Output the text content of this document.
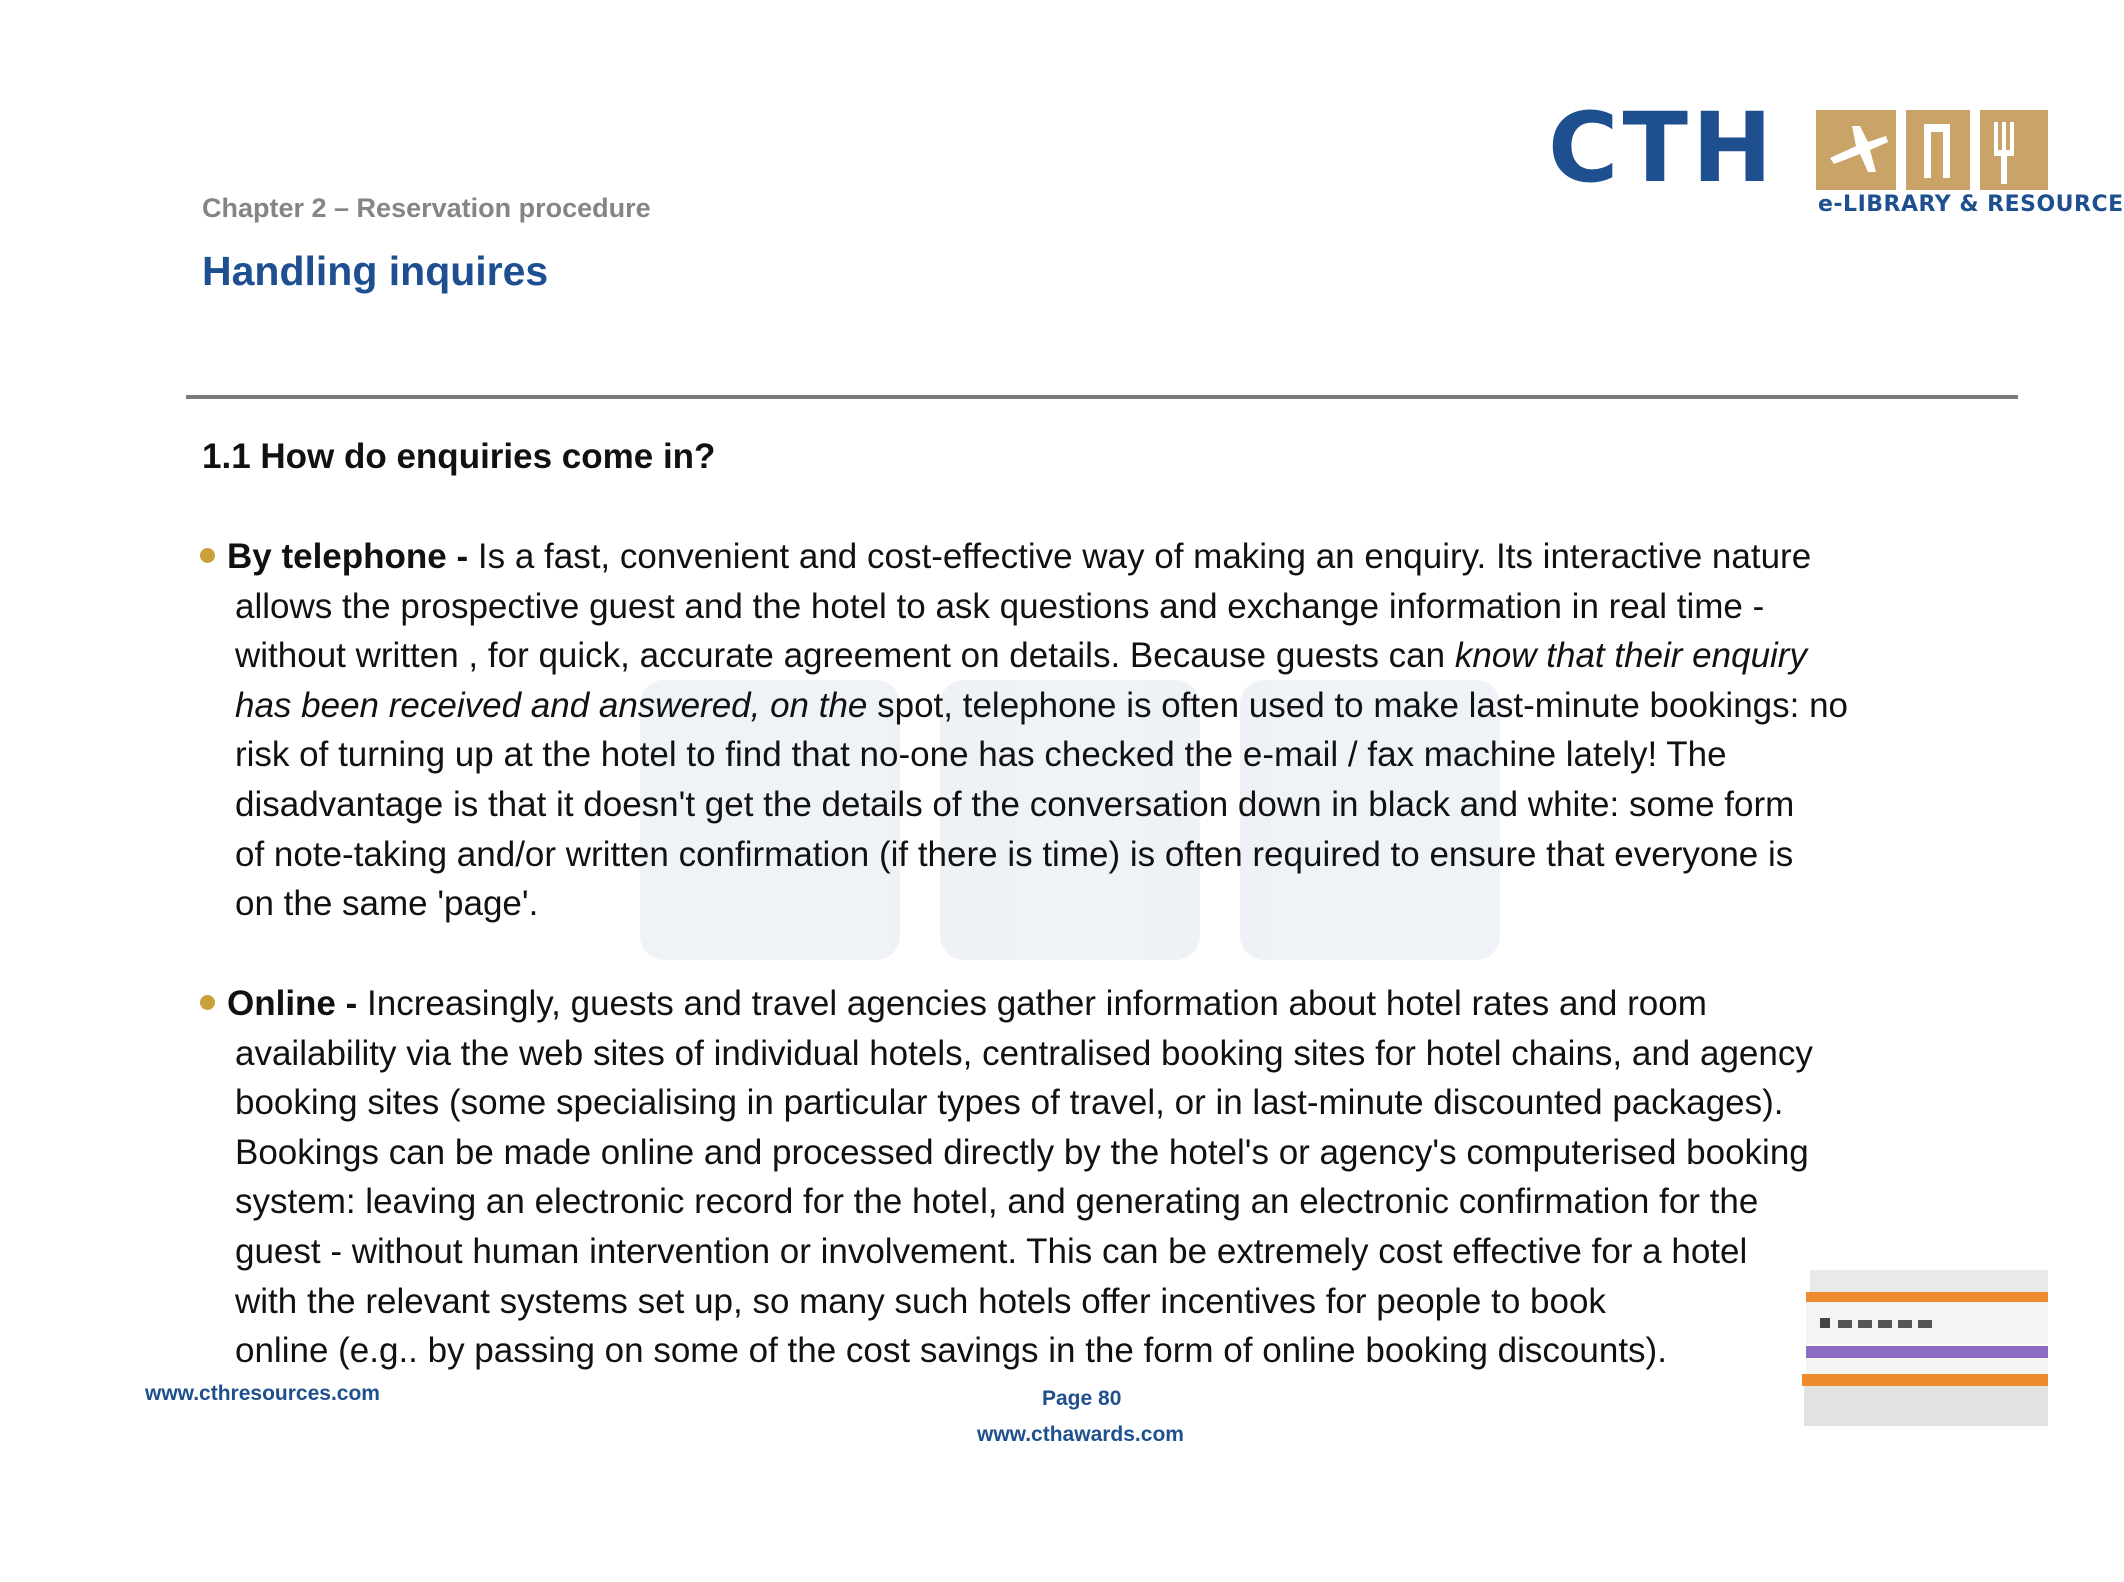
CTH
e-LIBRARY & RESOURCE
Chapter 2 – Reservation procedure
Handling inquires
1.1 How do enquiries come in?
By telephone - Is a fast, convenient and cost-effective way of making an enquiry. Its interactive nature
allows the prospective guest and the hotel to ask questions and exchange information in real time -
without written , for quick, accurate agreement on details. Because guests can know that their enquiry
has been received and answered, on the spot, telephone is often used to make last-minute bookings: no
risk of turning up at the hotel to find that no-one has checked the e-mail / fax machine lately! The
disadvantage is that it doesn't get the details of the conversation down in black and white: some form
of note-taking and/or written confirmation (if there is time) is often required to ensure that everyone is
on the same 'page'.
Online - Increasingly, guests and travel agencies gather information about hotel rates and room
availability via the web sites of individual hotels, centralised booking sites for hotel chains, and agency
booking sites (some specialising in particular types of travel, or in last-minute discounted packages).
Bookings can be made online and processed directly by the hotel's or agency's computerised booking
system: leaving an electronic record for the hotel, and generating an electronic confirmation for the
guest - without human intervention or involvement. This can be extremely cost effective for a hotel
with the relevant systems set up, so many such hotels offer incentives for people to book
online (e.g.. by passing on some of the cost savings in the form of online booking discounts).
www.cthresources.com	Page 80
www.cthawards.com
